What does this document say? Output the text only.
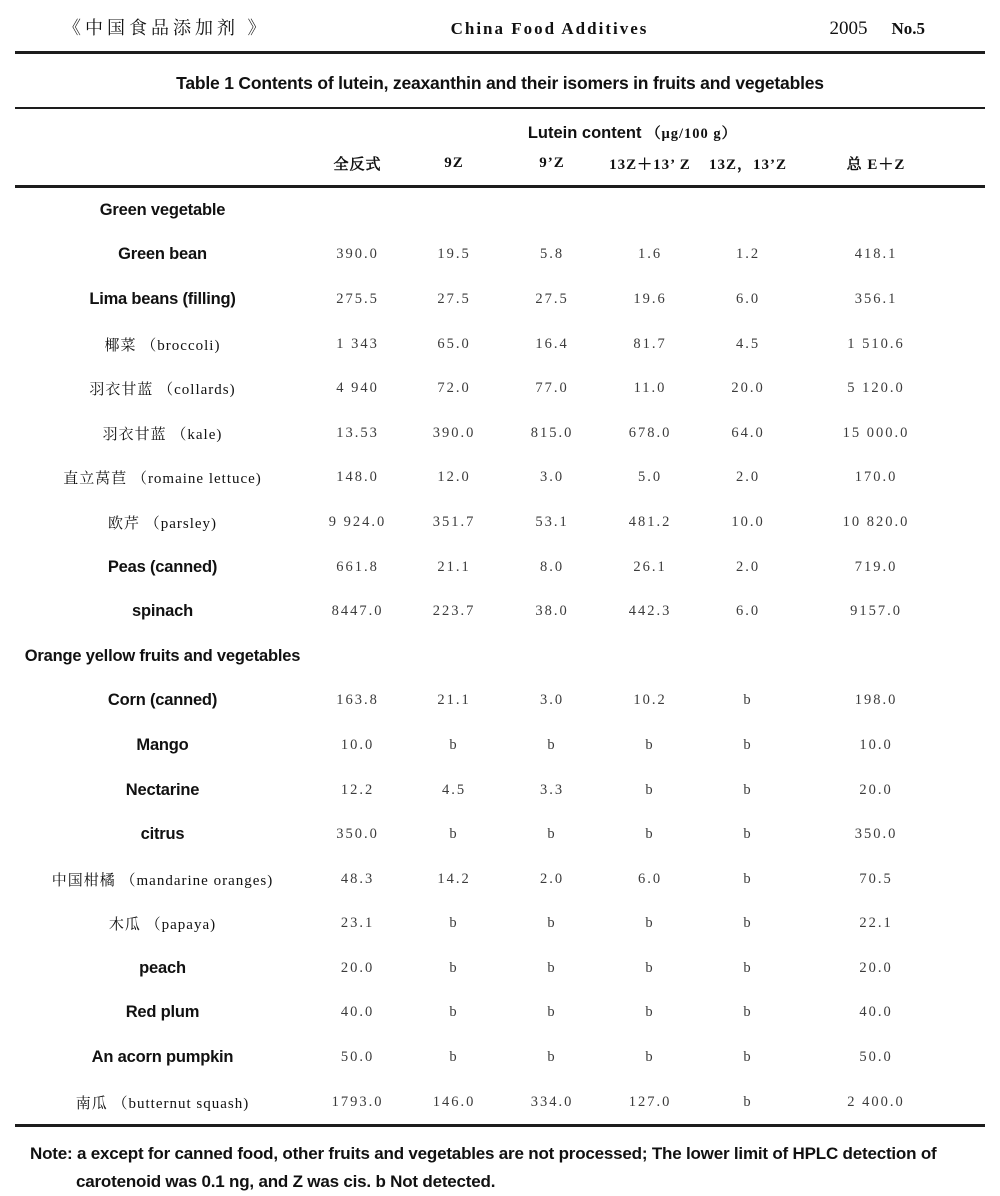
《中国食品添加剂 》	China Food Additives	2005 No.5
Table 1 Contents of lutein, zeaxanthin and their isomers in fruits and vegetables
Lutein content （μg/100 g）
全反式	9Z	9’Z	13Z＋13’ Z	13Z，13’Z	总 E＋Z
Green vegetable
Green bean	390.0	19.5	5.8	1.6	1.2	418.1
Lima beans (filling)	275.5	27.5	27.5	19.6	6.0	356.1
椰菜 （broccoli)	1 343	65.0	16.4	81.7	4.5	1 510.6
羽衣甘蓝 （collards)	4 940	72.0	77.0	11.0	20.0	5 120.0
羽衣甘蓝 （kale)	13.53	390.0	815.0	678.0	64.0	15 000.0
直立莴苣 （romaine lettuce)	148.0	12.0	3.0	5.0	2.0	170.0
欧芹 （parsley)	9 924.0	351.7	53.1	481.2	10.0	10 820.0
Peas (canned)	661.8	21.1	8.0	26.1	2.0	719.0
spinach	8447.0	223.7	38.0	442.3	6.0	9157.0
Orange yellow fruits and vegetables
Corn (canned)	163.8	21.1	3.0	10.2	b	198.0
Mango	10.0	b	b	b	b	10.0
Nectarine	12.2	4.5	3.3	b	b	20.0
citrus	350.0	b	b	b	b	350.0
中国柑橘 （mandarine oranges)	48.3	14.2	2.0	6.0	b	70.5
木瓜 （papaya)	23.1	b	b	b	b	22.1
peach	20.0	b	b	b	b	20.0
Red plum	40.0	b	b	b	b	40.0
An acorn pumpkin	50.0	b	b	b	b	50.0
南瓜 （butternut squash)	1793.0	146.0	334.0	127.0	b	2 400.0
Note: a except for canned food, other fruits and vegetables are not processed; The lower limit of HPLC detection of
carotenoid was 0.1 ng, and Z was cis. b Not detected.
